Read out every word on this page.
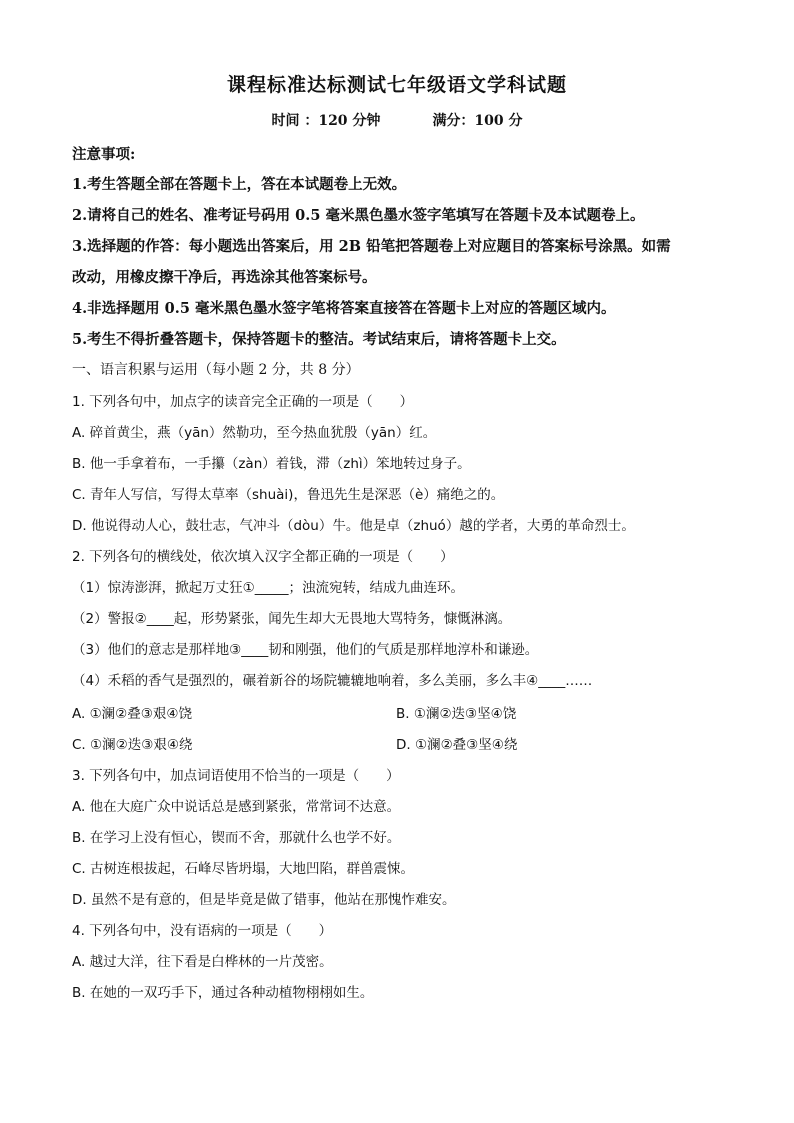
课程标准达标测试七年级语文学科试题
时间 ：120 分钟	满分：100 分
注意事项:
1.考生答题全部在答题卡上，答在本试题卷上无效。
2.请将自己的姓名、准考证号码用 0.5 毫米黑色墨水签字笔填写在答题卡及本试题卷上。
3.选择题的作答：每小题选出答案后，用 2B 铅笔把答题卷上对应题目的答案标号涂黑。如需
改动，用橡皮擦干净后，再选涂其他答案标号。
4.非选择题用 0.5 毫米黑色墨水签字笔将答案直接答在答题卡上对应的答题区域内。
5.考生不得折叠答题卡，保持答题卡的整洁。考试结束后，请将答题卡上交。
一、语言积累与运用（每小题 2 分，共 8 分）
1. 下列各句中，加点字的读音完全正确的一项是（　　）
A. 碎首黄尘，燕（yān）然勒功，至今热血犹殷（yān）红。
B. 他一手拿着布，一手攥（zàn）着钱，滞（zhì）笨地转过身子。
C. 青年人写信，写得太草率（shuài)，鲁迅先生是深恶（è）痛绝之的。
D. 他说得动人心，鼓壮志，气冲斗（dòu）牛。他是卓（zhuó）越的学者，大勇的革命烈士。
2. 下列各句的横线处，依次填入汉字全都正确的一项是（　　）
（1）惊涛澎湃，掀起万丈狂①_____；浊流宛转，结成九曲连环。
（2）警报②____起，形势紧张，闻先生却大无畏地大骂特务，慷慨淋漓。
（3）他们的意志是那样地③____韧和刚强，他们的气质是那样地淳朴和谦逊。
（4）禾稻的香气是强烈的，碾着新谷的场院辘辘地响着，多么美丽，多么丰④____……
A. ①澜②叠③艰④饶	B. ①澜②迭③坚④饶
C. ①澜②迭③艰④绕	D. ①澜②叠③坚④绕
3. 下列各句中，加点词语使用不恰当的一项是（　　）
A. 他在大庭广众中说话总是感到紧张，常常词不达意。
B. 在学习上没有恒心，锲而不舍，那就什么也学不好。
C. 古树连根拔起，石峰尽皆坍塌，大地凹陷，群兽震悚。
D. 虽然不是有意的，但是毕竟是做了错事，他站在那愧怍难安。
4. 下列各句中，没有语病的一项是（　　）
A. 越过大洋，往下看是白桦林的一片茂密。
B. 在她的一双巧手下，通过各种动植物栩栩如生。
